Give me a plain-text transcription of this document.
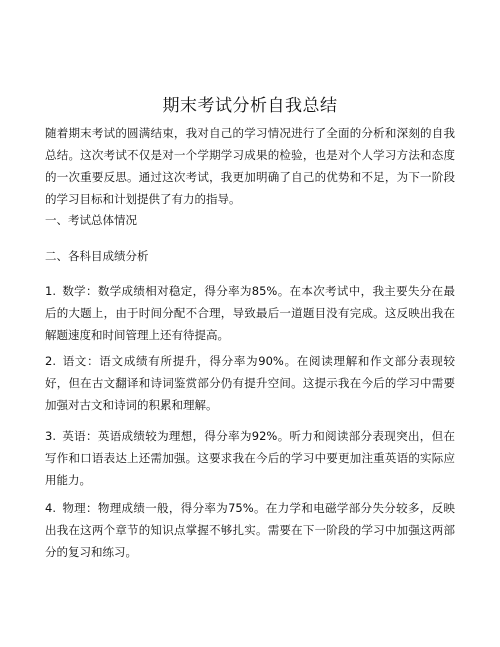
期末考试分析自我总结

随着期末考试的圆满结束，我对自己的学习情况进行了全面的分析和深刻的自我总结。这次考试不仅是对一个学期学习成果的检验，也是对个人学习方法和态度的一次重要反思。通过这次考试，我更加明确了自己的优势和不足，为下一阶段的学习目标和计划提供了有力的指导。

一、考试总体情况

二、各科目成绩分析

1. 数学：数学成绩相对稳定，得分率为85%。在本次考试中，我主要失分在最后的大题上，由于时间分配不合理，导致最后一道题目没有完成。这反映出我在解题速度和时间管理上还有待提高。

2. 语文：语文成绩有所提升，得分率为90%。在阅读理解和作文部分表现较好，但在古文翻译和诗词鉴赏部分仍有提升空间。这提示我在今后的学习中需要加强对古文和诗词的积累和理解。

3. 英语：英语成绩较为理想，得分率为92%。听力和阅读部分表现突出，但在写作和口语表达上还需加强。这要求我在今后的学习中要更加注重英语的实际应用能力。

4. 物理：物理成绩一般，得分率为75%。在力学和电磁学部分失分较多，反映出我在这两个章节的知识点掌握不够扎实。需要在下一阶段的学习中加强这两部分的复习和练习。
